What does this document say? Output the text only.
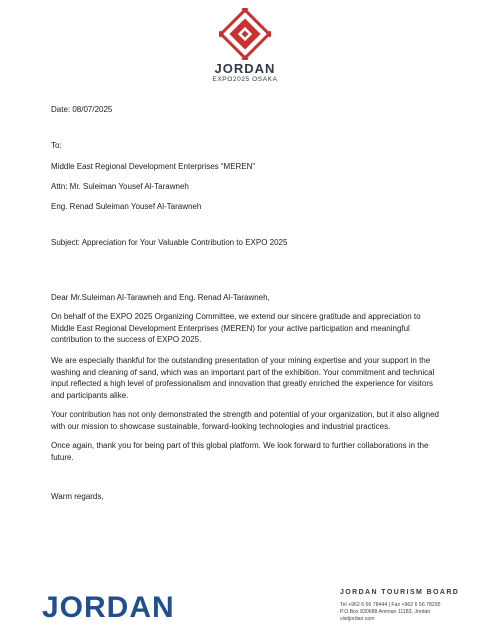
JORDAN
EXPO2025 OSAKA
Date: 08/07/2025
To:
Middle East Regional Development Enterprises “MEREN”
Attn: Mr. Suleiman Yousef Al-Tarawneh
Eng. Renad Suleiman Yousef Al-Tarawneh
Subject: Appreciation for Your Valuable Contribution to EXPO 2025
Dear Mr.Suleiman Al-Tarawneh and Eng. Renad Al-Tarawneh,
On behalf of the EXPO 2025 Organizing Committee, we extend our sincere gratitude and appreciation to Middle East Regional Development Enterprises (MEREN) for your active participation and meaningful contribution to the success of EXPO 2025.
We are especially thankful for the outstanding presentation of your mining expertise and your support in the washing and cleaning of sand, which was an important part of the exhibition. Your commitment and technical input reflected a high level of professionalism and innovation that greatly enriched the experience for visitors and participants alike.
Your contribution has not only demonstrated the strength and potential of your organization, but it also aligned with our mission to showcase sustainable, forward-looking technologies and industrial practices.
Once again, thank you for being part of this global platform. We look forward to further collaborations in the future.
Warm regards,
JORDAN	JORDAN TOURISM BOARD
Tel +962 6 56 78444 | Fax +962 6 56 78295
P.O.Box 830688 Amman 11183, Jordan
visitjordan.com
